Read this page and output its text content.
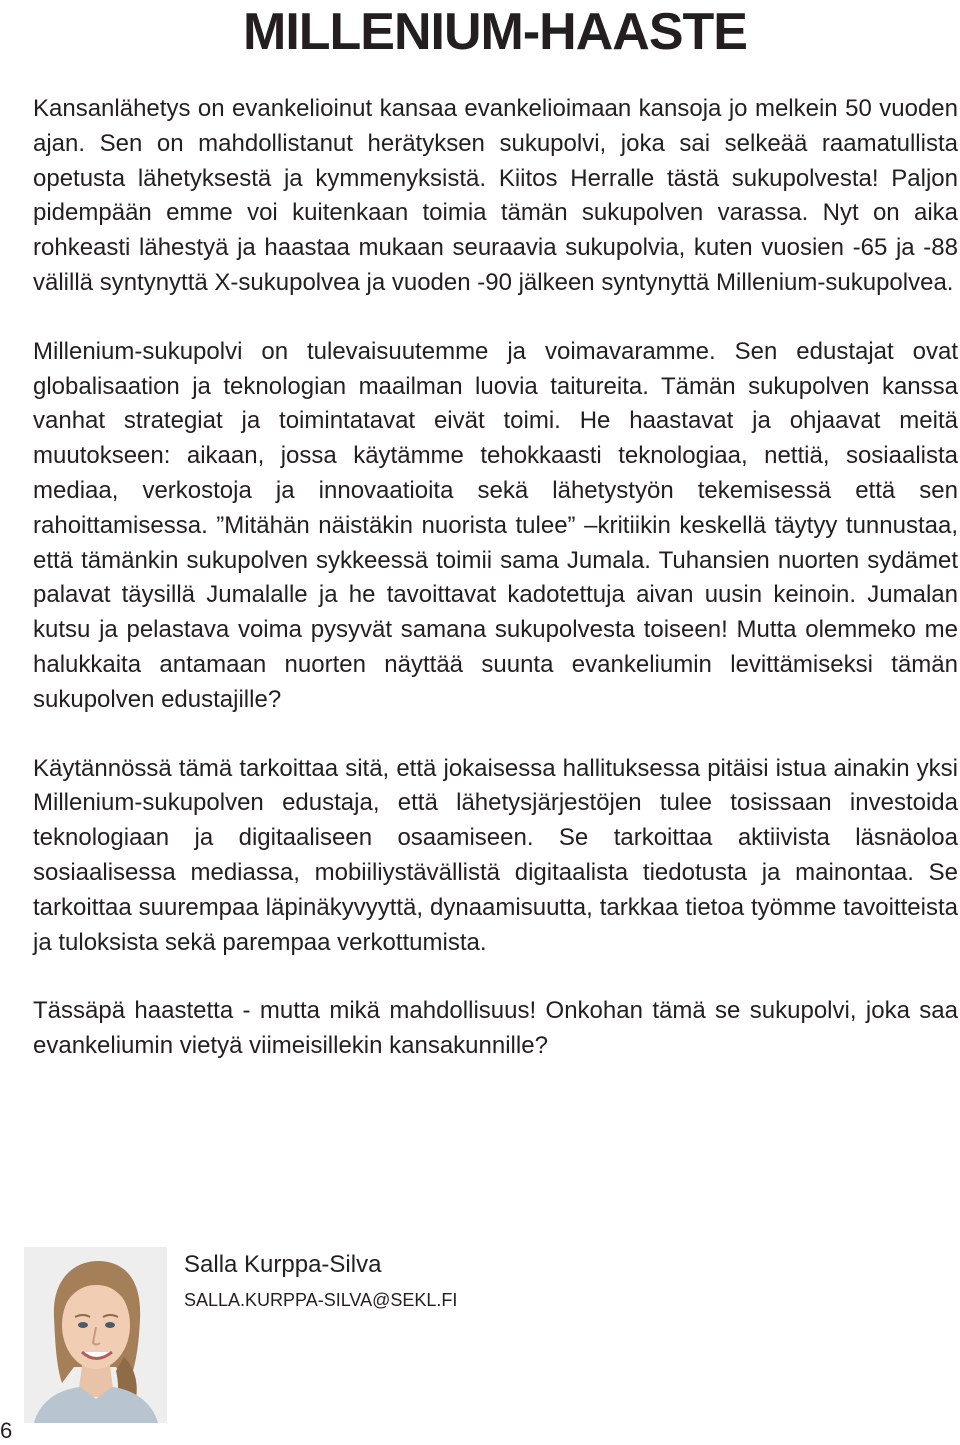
MILLENIUM-HAASTE

Kansanlähetys on evankelioinut kansaa evankelioimaan kansoja jo melkein 50 vuoden ajan. Sen on mahdollistanut herätyksen sukupolvi, joka sai selkeää raamatullista opetusta lähetyksestä ja kymmenyksistä. Kiitos Herralle tästä sukupolvesta! Paljon pidempään emme voi kuitenkaan toimia tämän sukupolven varassa. Nyt on aika rohkeasti lähestyä ja haastaa mukaan seuraavia sukupolvia, kuten vuosien -65 ja -88 välillä syntynyttä X-sukupolvea ja vuoden -90 jälkeen syntynyttä Millenium-sukupolvea.

Millenium-sukupolvi on tulevaisuutemme ja voimavaramme. Sen edustajat ovat globalisaation ja teknologian maailman luovia taitureita. Tämän sukupolven kanssa vanhat strategiat ja toimintatavat eivät toimi. He haastavat ja ohjaavat meitä muutokseen: aikaan, jossa käytämme tehokkaasti teknologiaa, nettiä, sosiaalista mediaa, verkostoja ja innovaatioita sekä lähetystyön tekemisessä että sen rahoittamisessa. ”Mitähän näistäkin nuorista tulee” –kritiikin keskellä täytyy tunnustaa, että tämänkin sukupolven sykkeessä toimii sama Jumala. Tuhansien nuorten sydämet palavat täysillä Jumalalle ja he tavoittavat kadotettuja aivan uusin keinoin. Jumalan kutsu ja pelastava voima pysyvät samana sukupolvesta toiseen! Mutta olemmeko me halukkaita antamaan nuorten näyttää suunta evankeliumin levittämiseksi tämän sukupolven edustajille?

Käytännössä tämä tarkoittaa sitä, että jokaisessa hallituksessa pitäisi istua ainakin yksi Millenium-sukupolven edustaja, että lähetysjärjestöjen tulee tosissaan investoida teknologiaan ja digitaaliseen osaamiseen. Se tarkoittaa aktiivista läsnäoloa sosiaalisessa mediassa, mobiiliystävällistä digitaalista tiedotusta ja mainontaa. Se tarkoittaa suurempaa läpinäkyvyyttä, dynaamisuutta, tarkkaa tietoa työmme tavoitteista ja tuloksista sekä parempaa verkottumista.

Tässäpä haastetta - mutta mikä mahdollisuus! Onkohan tämä se sukupolvi, joka saa evankeliumin vietyä viimeisillekin kansakunnille?

Salla Kurppa-Silva

SALLA.KURPPA-SILVA@SEKL.FI

6
